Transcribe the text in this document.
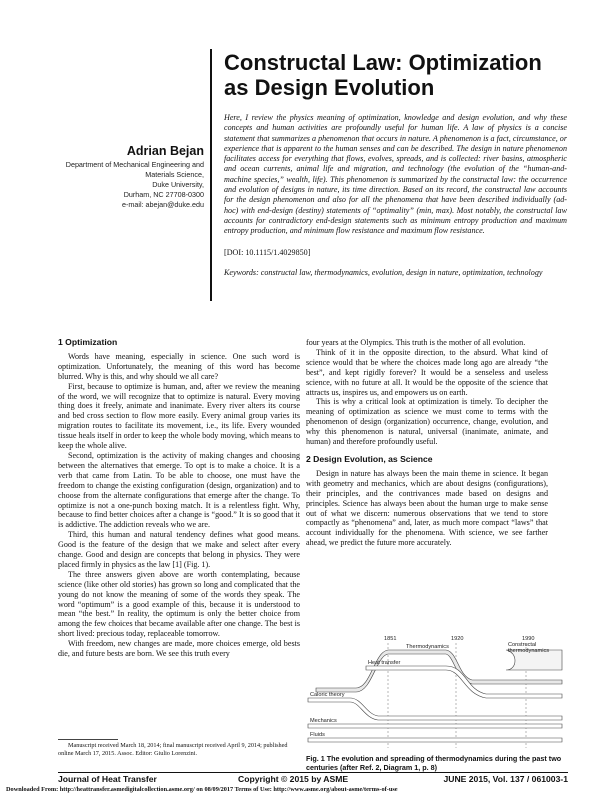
Constructal Law: Optimization
as Design Evolution
Adrian Bejan
Department of Mechanical Engineering and
Materials Science,
Duke University,
Durham, NC 27708-0300
e-mail: abejan@duke.edu
Here, I review the physics meaning of optimization, knowledge and design evolution, and why these concepts and human activities are profoundly useful for human life. A law of physics is a concise statement that summarizes a phenomenon that occurs in nature. A phenomenon is a fact, circumstance, or experience that is apparent to the human senses and can be described. The design in nature phenomenon facilitates access for everything that flows, evolves, spreads, and is collected: river basins, atmospheric and ocean currents, animal life and migration, and technology (the evolution of the “human-and-machine species,” wealth, life). This phenomenon is summarized by the constructal law: the occurrence and evolution of designs in nature, its time direction. Based on its record, the constructal law accounts for the design phenomenon and also for all the phenomena that have been described individually (ad-hoc) with end-design (destiny) statements of “optimality” (min, max). Most notably, the constructal law accounts for contradictory end-design statements such as minimum entropy production and maximum entropy production, and minimum flow resistance and maximum flow resistance.
[DOI: 10.1115/1.4029850]
Keywords: constructal law, thermodynamics, evolution, design in nature, optimization, technology
1 Optimization

Words have meaning, especially in science. One such word is optimization. Unfortunately, the meaning of this word has become blurred. Why is this, and why should we all care?

First, because to optimize is human, and, after we review the meaning of the word, we will recognize that to optimize is natural. Every moving thing does it freely, animate and inanimate. Every river alters its course and bed cross section to flow more easily. Every animal group varies its migration routes to facilitate its movement, i.e., its life. Every wounded tissue heals itself in order to keep the whole body moving, which means to keep the whole alive.

Second, optimization is the activity of making changes and choosing between the alternatives that emerge. To opt is to make a choice. It is a verb that came from Latin. To be able to choose, one must have the freedom to change the existing configuration (design, organization) and to choose from the alternate configurations that emerge after the change. To optimize is not a one-punch boxing match. It is a relentless fight. Why, because to find better choices after a change is “good.” It is so good that it is addictive. The addiction reveals who we are.

Third, this human and natural tendency defines what good means. Good is the feature of the design that we make and select after every change. Good and design are concepts that belong in physics. They were placed firmly in physics as the law [1] (Fig. 1).

The three answers given above are worth contemplating, because science (like other old stories) has grown so long and complicated that the young do not know the meaning of some of the words they speak. The word “optimum” is a good example of this, because it is understood to mean “the best.” In reality, the optimum is only the better choice from among the few choices that became available after one change. The best is short lived: precious today, replaceable tomorrow.

With freedom, new changes are made, more choices emerge, old bests die, and future bests are born. We see this truth every

four years at the Olympics. This truth is the mother of all evolution.

Think of it in the opposite direction, to the absurd. What kind of science would that be where the choices made long ago are already “the best”, and kept rigidly forever? It would be a senseless and useless science, with no future at all. It would be the opposite of the science that attracts us, inspires us, and empowers us on earth.

This is why a critical look at optimization is timely. To decipher the meaning of optimization as science we must come to terms with the phenomenon of design (organization) occurrence, change, evolution, and why this phenomenon is natural, universal (inanimate, animate, and human) and therefore profoundly useful.

2 Design Evolution, as Science

Design in nature has always been the main theme in science. It began with geometry and mechanics, which are about designs (configurations), their principles, and the contrivances made based on designs and principles. Science has always been about the human urge to make sense out of what we discern: numerous observations that we tend to store compactly as “phenomena” and, later, as much more compact “laws” that account individually for the phenomena. With science, we see farther ahead, we predict the future more accurately.

1851	1920	1990
Thermodynamics	Constructal thermodynamics
Heat transfer
Caloric theory
Mechanics
Fluids
Fig. 1 The evolution and spreading of thermodynamics during the past two centuries (after Ref. 2, Diagram 1, p. 8)
Manuscript received March 18, 2014; final manuscript received April 9, 2014; published online March 17, 2015. Assoc. Editor: Giulio Lorenzini.
Journal of Heat Transfer	Copyright © 2015 by ASME	JUNE 2015, Vol. 137 / 061003-1
Downloaded From: http://heattransfer.asmedigitalcollection.asme.org/ on 08/09/2017 Terms of Use: http://www.asme.org/about-asme/terms-of-use
